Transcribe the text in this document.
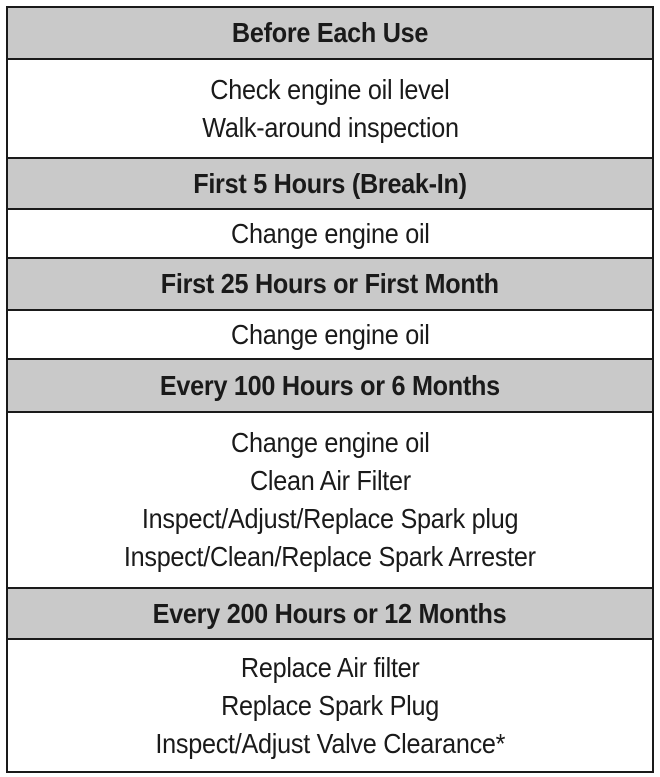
Before Each Use
Check engine oil level
Walk-around inspection
First 5 Hours (Break-In)
Change engine oil
First 25 Hours or First Month
Change engine oil
Every 100 Hours or 6 Months
Change engine oil
Clean Air Filter
Inspect/Adjust/Replace Spark plug
Inspect/Clean/Replace Spark Arrester
Every 200 Hours or 12 Months
Replace Air filter
Replace Spark Plug
Inspect/Adjust Valve Clearance*
